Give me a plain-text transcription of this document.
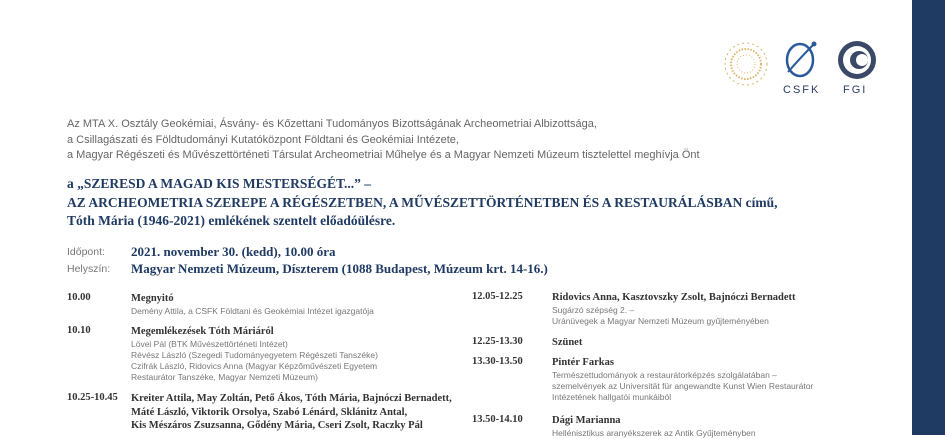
CSFK FGI
Az MTA X. Osztály Geokémiai, Ásvány- és Kőzettani Tudományos Bizottságának Archeometriai Albizottsága,
a Csillagászati és Földtudományi Kutatóközpont Földtani és Geokémiai Intézete,
a Magyar Régészeti és Művészettörténeti Társulat Archeometriai Műhelye és a Magyar Nemzeti Múzeum tisztelettel meghívja Önt
a „SZERESD A MAGAD KIS MESTERSÉGÉT...” –
AZ ARCHEOMETRIA SZEREPE A RÉGÉSZETBEN, A MŰVÉSZETTÖRTÉNETBEN ÉS A RESTAURÁLÁSBAN című,
Tóth Mária (1946-2021) emlékének szentelt előadóülésre.
Időpont: 2021. november 30. (kedd), 10.00 óra
Helyszín: Magyar Nemzeti Múzeum, Díszterem (1088 Budapest, Múzeum krt. 14-16.)
10.00	Megnyitó
Demény Attila, a CSFK Földtani és Geokémiai Intézet igazgatója
10.10	Megemlékezések Tóth Máriáról
Lövei Pál (BTK Művészettörténeti Intézet)
Révész László (Szegedi Tudományegyetem Régészeti Tanszéke)
Czifrák László, Ridovics Anna (Magyar Képzőművészeti Egyetem
Restaurátor Tanszéke, Magyar Nemzeti Múzeum)
10.25-10.45 Kreiter Attila, May Zoltán, Pető Ákos, Tóth Mária, Bajnóczi Bernadett,
Máté László, Viktorik Orsolya, Szabó Lénárd, Sklánitz Antal,
Kis Mészáros Zsuzsanna, Gődény Mária, Cseri Zsolt, Raczky Pál
12.05-12.25	Ridovics Anna, Kasztovszky Zsolt, Bajnóczi Bernadett
Sugárzó szépség 2. –
Uránüvegek a Magyar Nemzeti Múzeum gyűjteményében
12.25-13.30	Szünet
13.30-13.50	Pintér Farkas
Természettudományok a restaurátorképzés szolgálatában –
szemelvények az Universität für angewandte Kunst Wien Restaurátor
Intézetének hallgatói munkáiból
13.50-14.10	Dági Marianna
Hellénisztikus aranyékszerek az Antik Gyűjteményben
